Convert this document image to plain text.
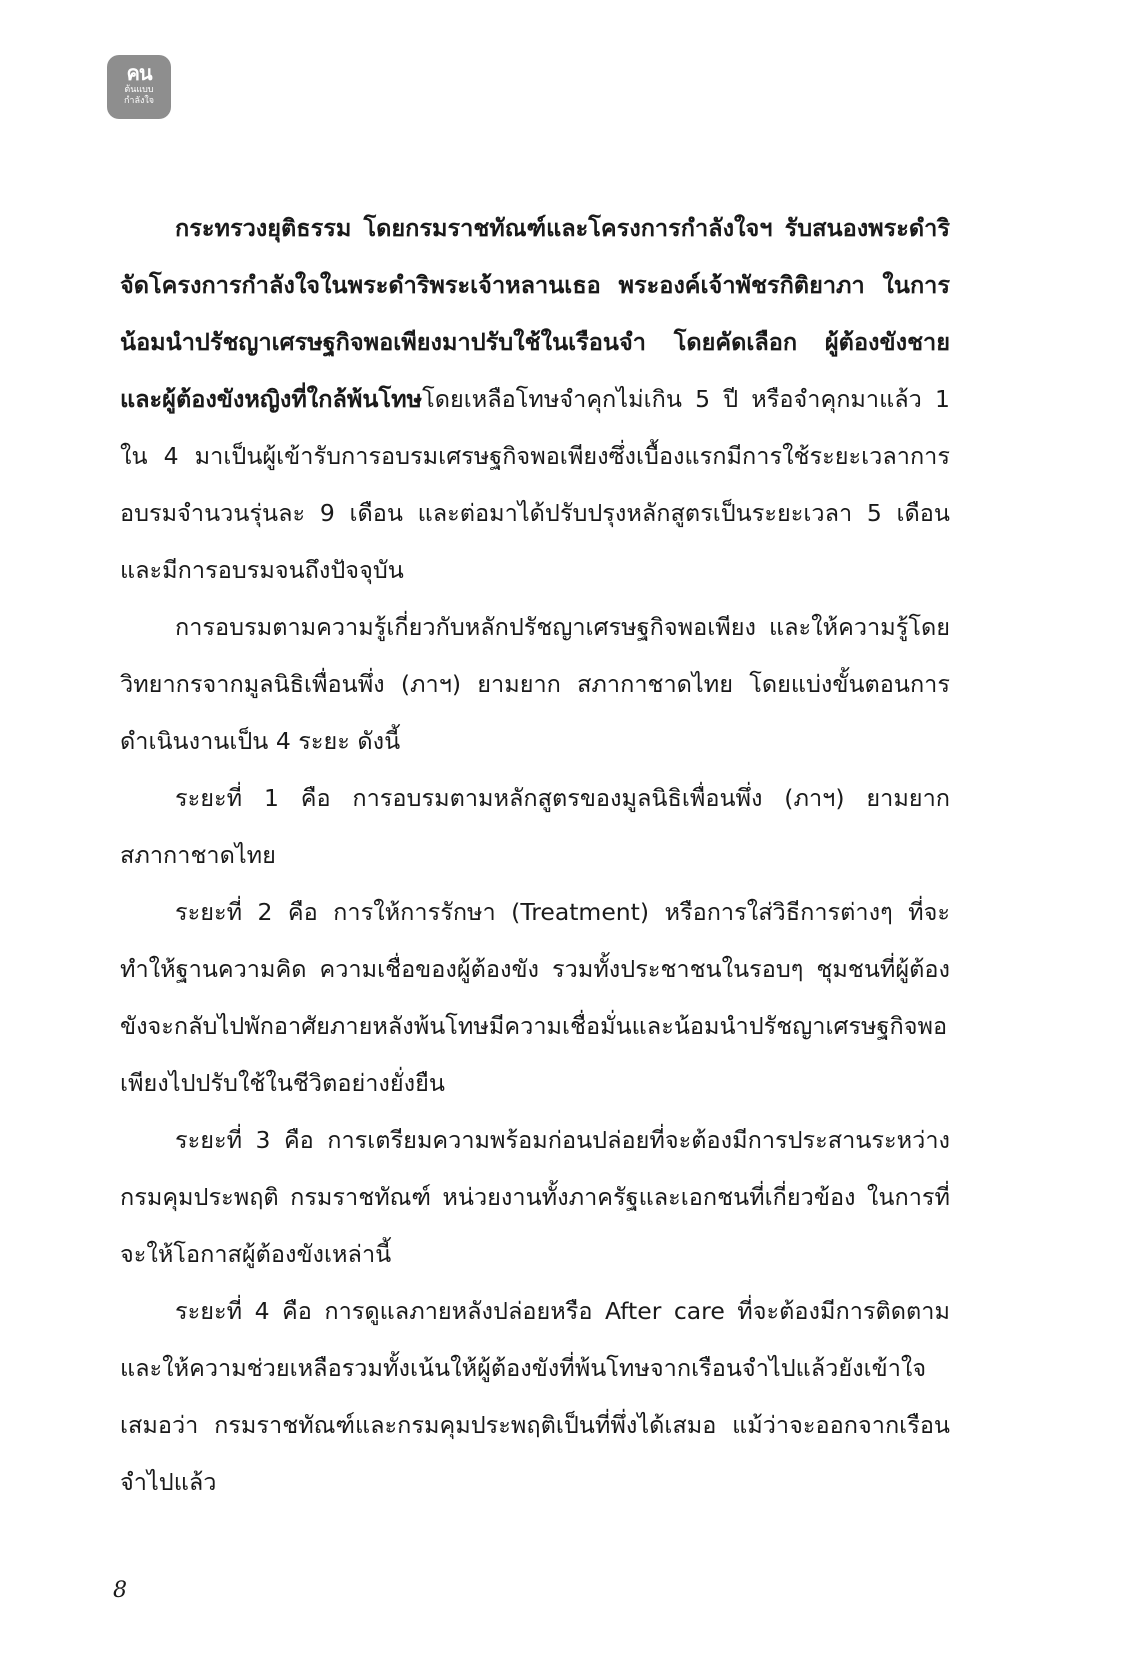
คน
ต้นแบบ
กำลังใจ

กระทรวงยุติธรรม โดยกรมราชทัณฑ์และโครงการกำลังใจฯ รับสนองพระดำริจัดโครงการกำลังใจในพระดำริพระเจ้าหลานเธอ พระองค์เจ้าพัชรกิติยาภา ในการน้อมนำปรัชญาเศรษฐกิจพอเพียงมาปรับใช้ในเรือนจำ โดยคัดเลือก ผู้ต้องขังชายและผู้ต้องขังหญิงที่ใกล้พ้นโทษโดยเหลือโทษจำคุกไม่เกิน 5 ปี หรือจำคุกมาแล้ว 1 ใน 4 มาเป็นผู้เข้ารับการอบรมเศรษฐกิจพอเพียงซึ่งเบื้องแรกมีการใช้ระยะเวลาการอบรมจำนวนรุ่นละ 9 เดือน และต่อมาได้ปรับปรุงหลักสูตรเป็นระยะเวลา 5 เดือน และมีการอบรมจนถึงปัจจุบัน

การอบรมตามความรู้เกี่ยวกับหลักปรัชญาเศรษฐกิจพอเพียง และให้ความรู้โดยวิทยากรจากมูลนิธิเพื่อนพึ่ง (ภาฯ) ยามยาก สภากาชาดไทย โดยแบ่งขั้นตอนการดำเนินงานเป็น 4 ระยะ ดังนี้

ระยะที่ 1 คือ การอบรมตามหลักสูตรของมูลนิธิเพื่อนพึ่ง (ภาฯ) ยามยาก สภากาชาดไทย

ระยะที่ 2 คือ การให้การรักษา (Treatment) หรือการใส่วิธีการต่างๆ ที่จะทำให้ฐานความคิด ความเชื่อของผู้ต้องขัง รวมทั้งประชาชนในรอบๆ ชุมชนที่ผู้ต้องขังจะกลับไปพักอาศัยภายหลังพ้นโทษมีความเชื่อมั่นและน้อมนำปรัชญาเศรษฐกิจพอเพียงไปปรับใช้ในชีวิตอย่างยั่งยืน

ระยะที่ 3 คือ การเตรียมความพร้อมก่อนปล่อยที่จะต้องมีการประสานระหว่างกรมคุมประพฤติ กรมราชทัณฑ์ หน่วยงานทั้งภาครัฐและเอกชนที่เกี่ยวข้อง ในการที่จะให้โอกาสผู้ต้องขังเหล่านี้

ระยะที่ 4 คือ การดูแลภายหลังปล่อยหรือ After care ที่จะต้องมีการติดตามและให้ความช่วยเหลือรวมทั้งเน้นให้ผู้ต้องขังที่พ้นโทษจากเรือนจำไปแล้วยังเข้าใจเสมอว่า กรมราชทัณฑ์และกรมคุมประพฤติเป็นที่พึ่งได้เสมอ แม้ว่าจะออกจากเรือนจำไปแล้ว

8
